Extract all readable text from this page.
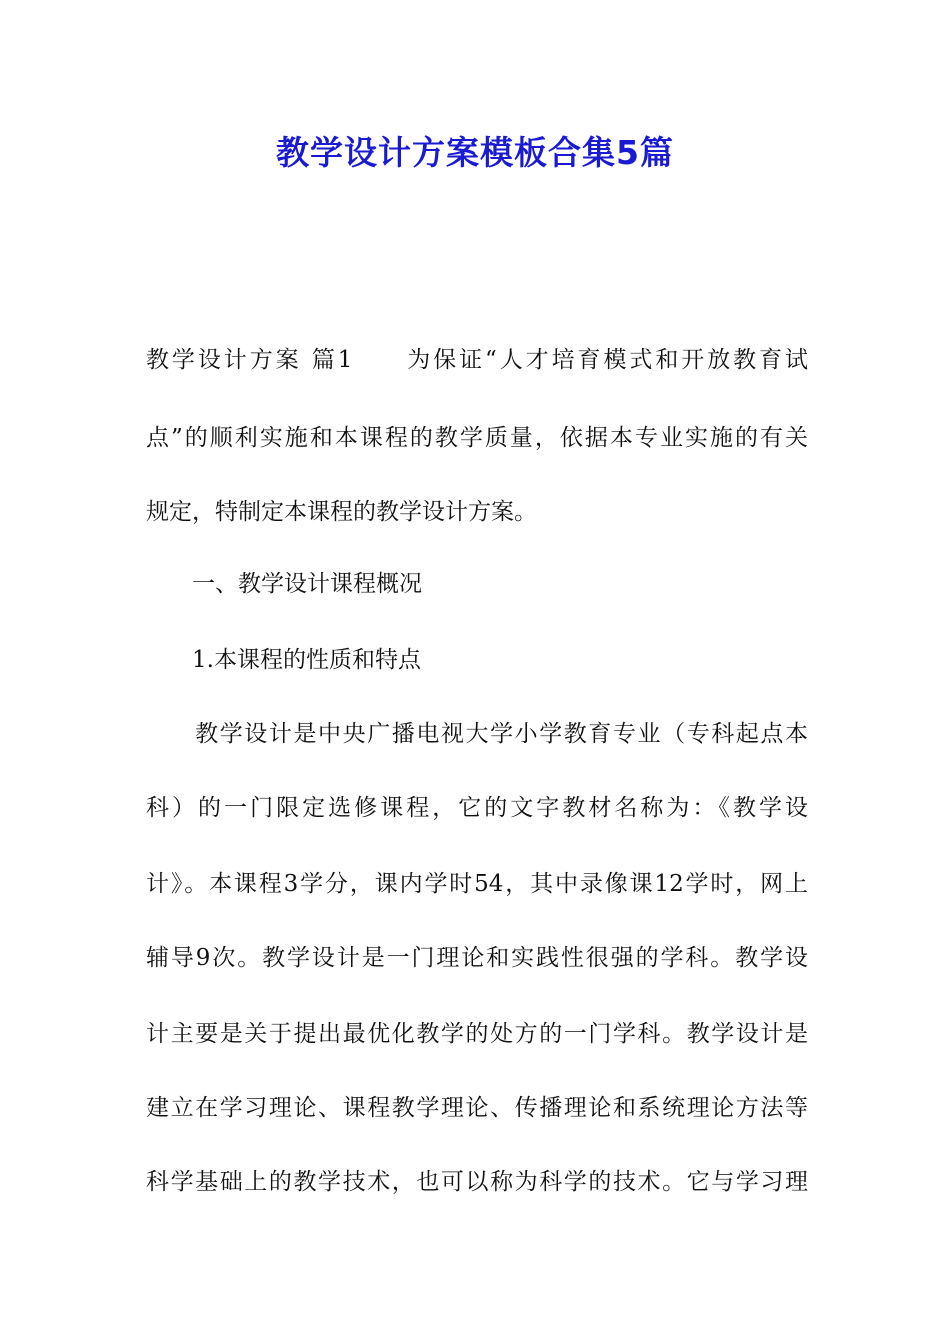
教学设计方案模板合集5篇
教学设计方案 篇1　　为保证“人才培育模式和开放教育试
点”的顺利实施和本课程的教学质量，依据本专业实施的有关
规定，特制定本课程的教学设计方案。
　　一、教学设计课程概况
　　1.本课程的性质和特点
　　教学设计是中央广播电视大学小学教育专业（专科起点本
科）的一门限定选修课程，它的文字教材名称为：《教学设
计》。本课程3学分，课内学时54，其中录像课12学时，网上
辅导9次。教学设计是一门理论和实践性很强的学科。教学设
计主要是关于提出最优化教学的处方的一门学科。教学设计是
建立在学习理论、课程教学理论、传播理论和系统理论方法等
科学基础上的教学技术，也可以称为科学的技术。它与学习理
